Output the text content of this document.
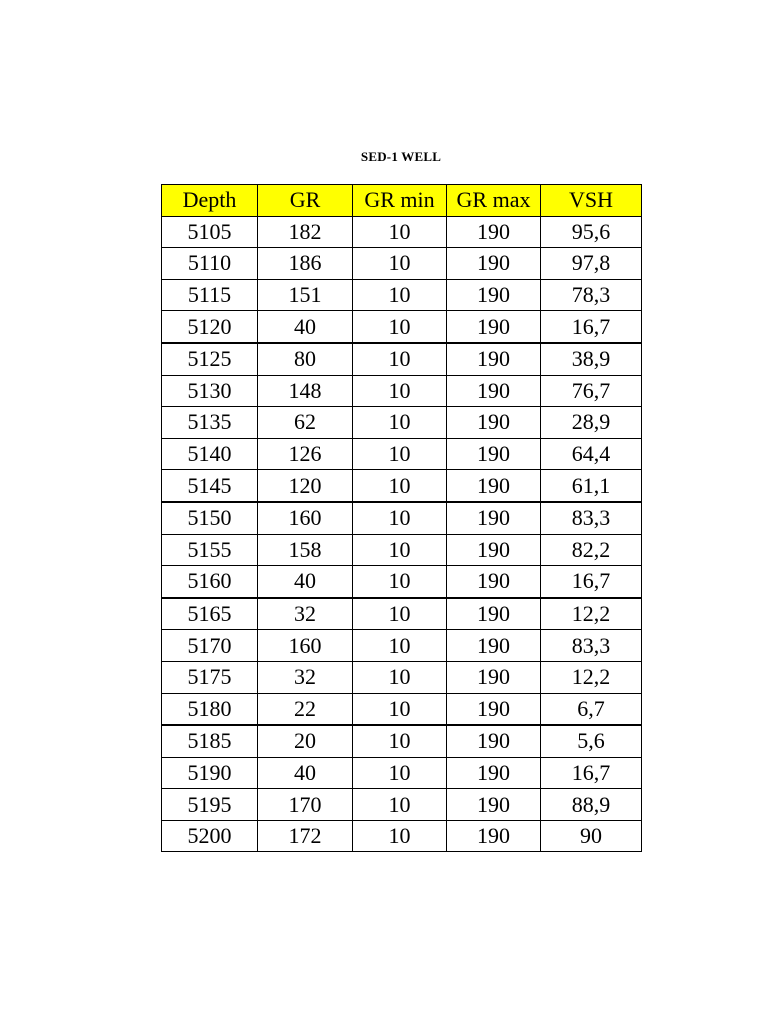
SED-1 WELL
Depth	GR	GR min	GR max	VSH
5105	182	10	190	95,6
5110	186	10	190	97,8
5115	151	10	190	78,3
5120	40	10	190	16,7
5125	80	10	190	38,9
5130	148	10	190	76,7
5135	62	10	190	28,9
5140	126	10	190	64,4
5145	120	10	190	61,1
5150	160	10	190	83,3
5155	158	10	190	82,2
5160	40	10	190	16,7
5165	32	10	190	12,2
5170	160	10	190	83,3
5175	32	10	190	12,2
5180	22	10	190	6,7
5185	20	10	190	5,6
5190	40	10	190	16,7
5195	170	10	190	88,9
5200	172	10	190	90
